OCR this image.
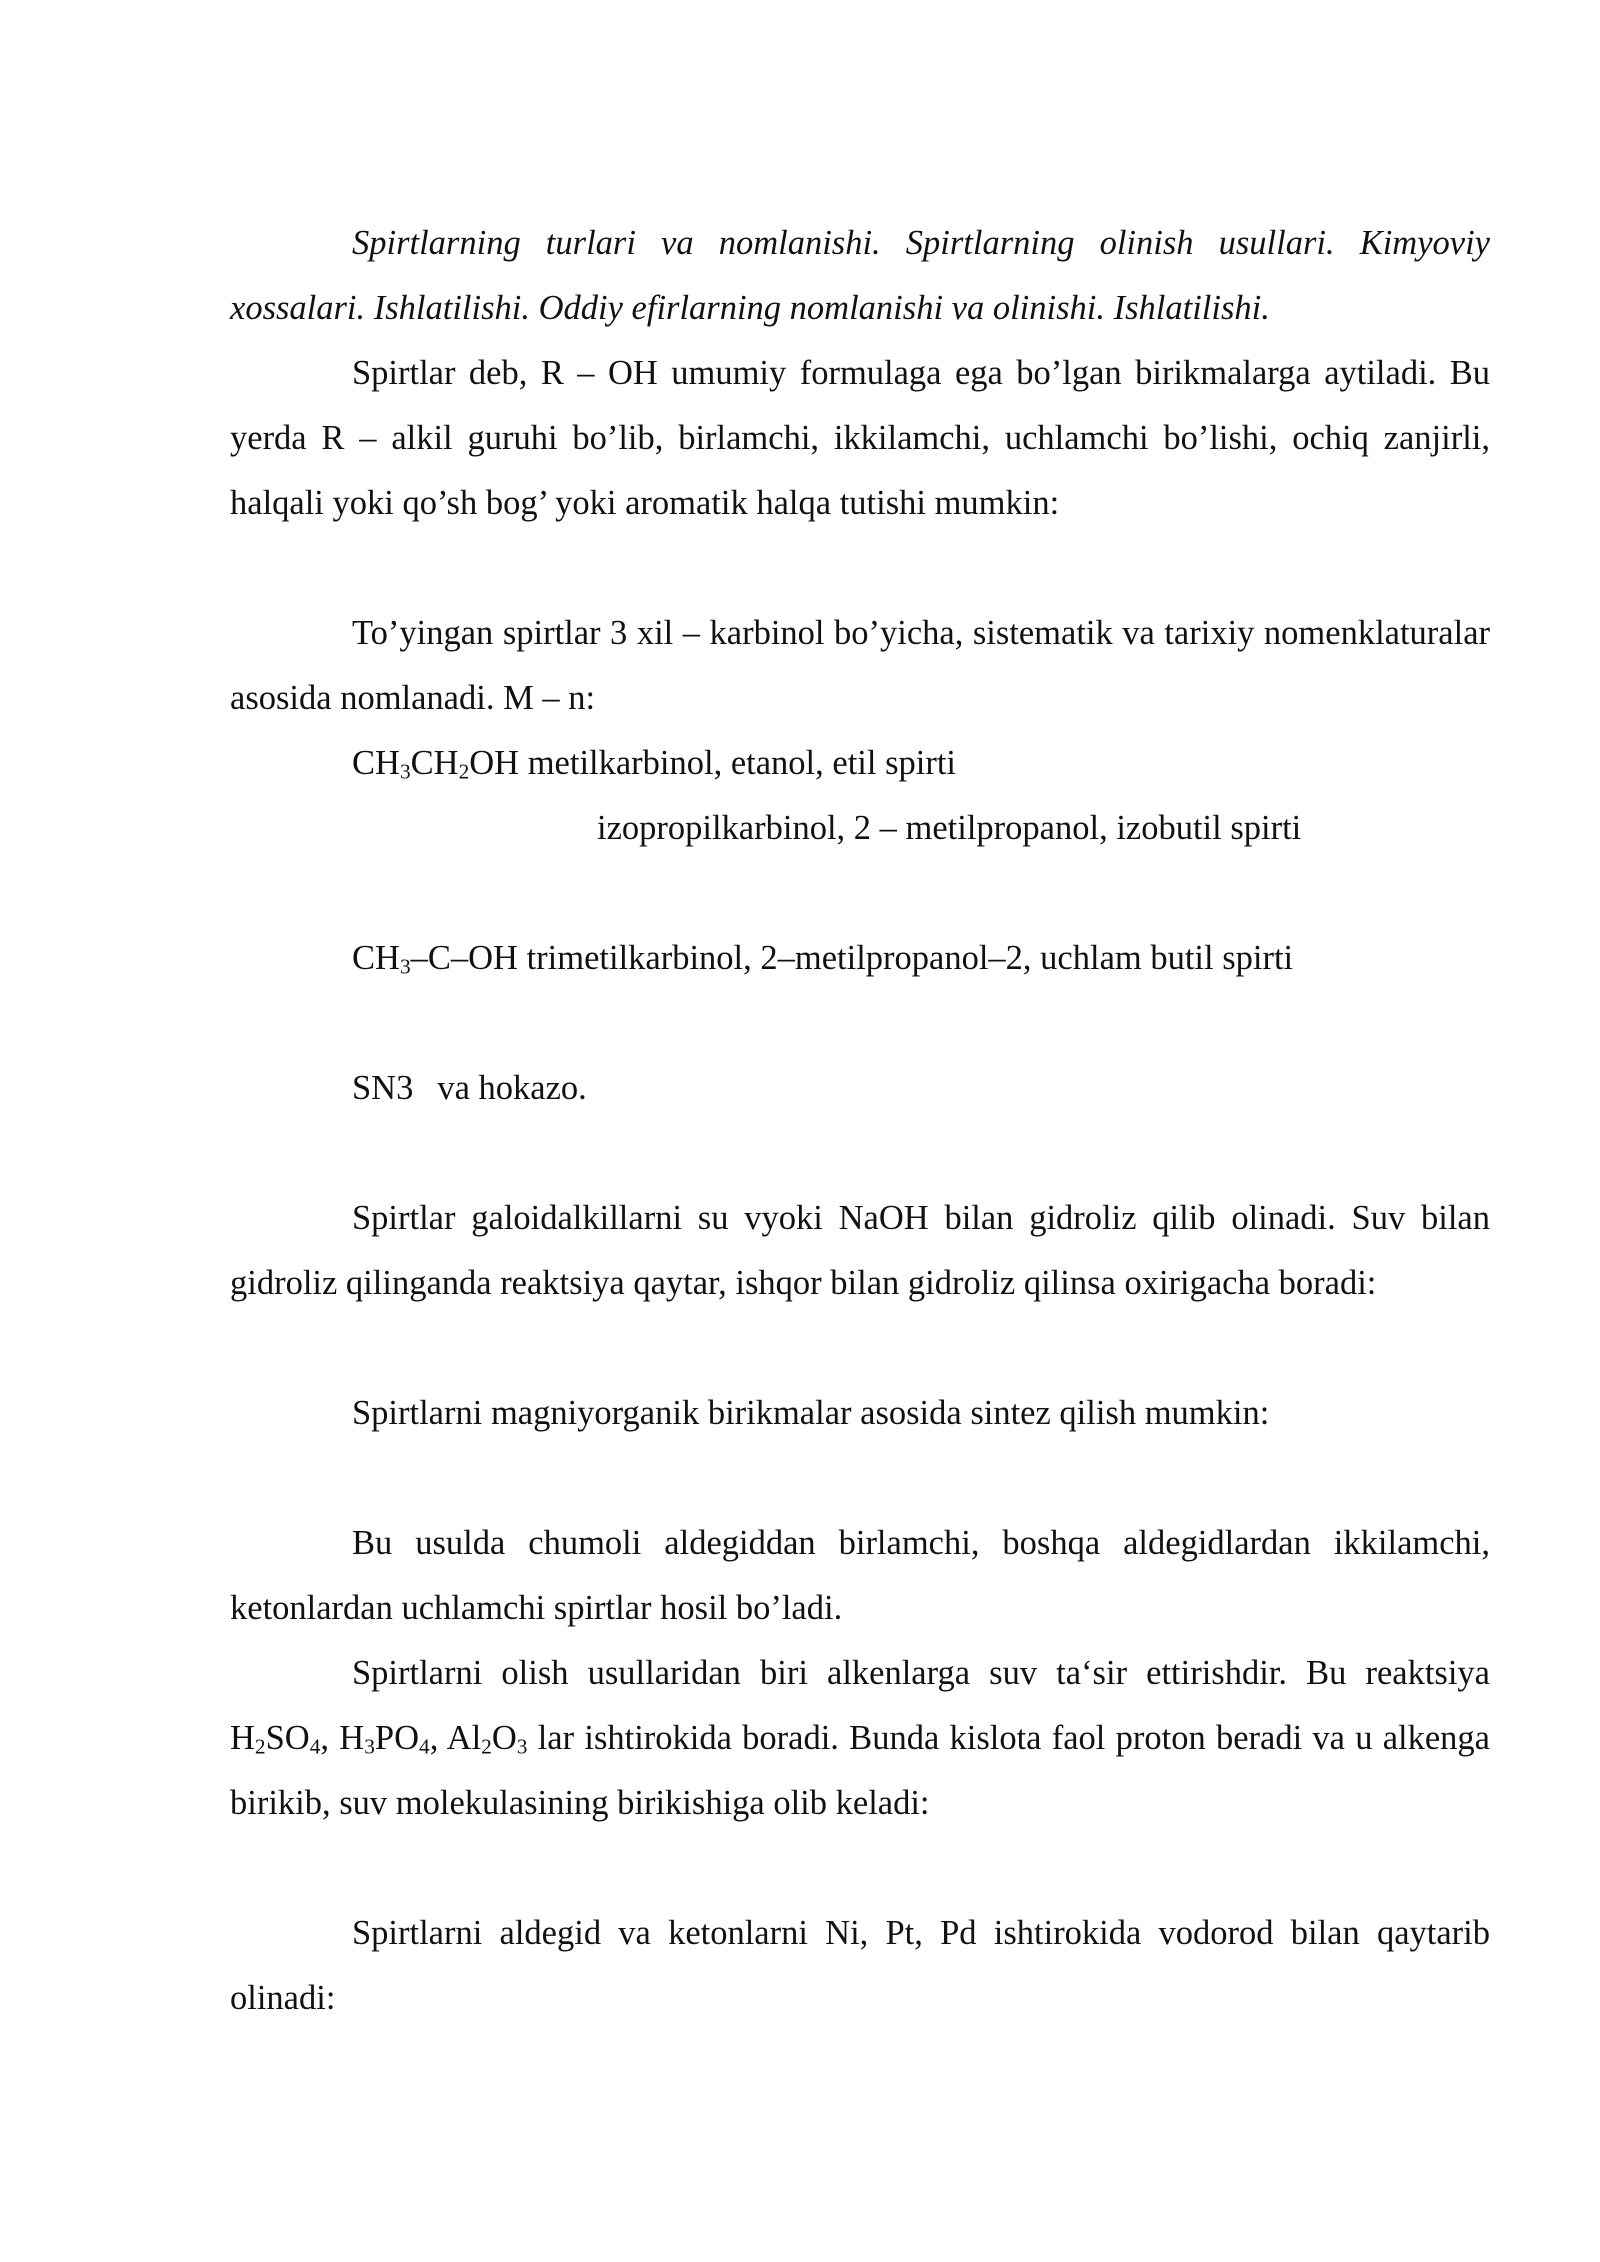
Spirtlarning turlari va nomlanishi. Spirtlarning olinish usullari. Kimyoviy xossalari. Ishlatilishi. Oddiy efirlarning nomlanishi va olinishi. Ishlatilishi.

Spirtlar deb, R – OH umumiy formulaga ega bo’lgan birikmalarga aytiladi. Bu yerda R – alkil guruhi bo’lib, birlamchi, ikkilamchi, uchlamchi bo’lishi, ochiq zanjirli, halqali yoki qo’sh bog’ yoki aromatik halqa tutishi mumkin:

To’yingan spirtlar 3 xil – karbinol bo’yicha, sistematik va tarixiy nomenklaturalar asosida nomlanadi. M – n:

$CH_3CH_2OH$ metilkarbinol, etanol, etil spirti

izopropilkarbinol, 2 – metilpropanol, izobutil spirti

$CH_3-C-OH$ trimetilkarbinol, 2–metilpropanol–2, uchlam butil spirti

SN3 va hokazo.

Spirtlar galoidalkillarni su vyoki NaOH bilan gidroliz qilib olinadi. Suv bilan gidroliz qilinganda reaktsiya qaytar, ishqor bilan gidroliz qilinsa oxirigacha boradi:

Spirtlarni magniyorganik birikmalar asosida sintez qilish mumkin:

Bu usulda chumoli aldegiddan birlamchi, boshqa aldegidlardan ikkilamchi, ketonlardan uchlamchi spirtlar hosil bo’ladi.

Spirtlarni olish usullaridan biri alkenlarga suv ta‘sir ettirishdir. Bu reaktsiya $H_2SO_4$, $H_3PO_4$, $Al_2O_3$ lar ishtirokida boradi. Bunda kislota faol proton beradi va u alkenga birikib, suv molekulasining birikishiga olib keladi:

Spirtlarni aldegid va ketonlarni Ni, Pt, Pd ishtirokida vodorod bilan qaytarib olinadi:
